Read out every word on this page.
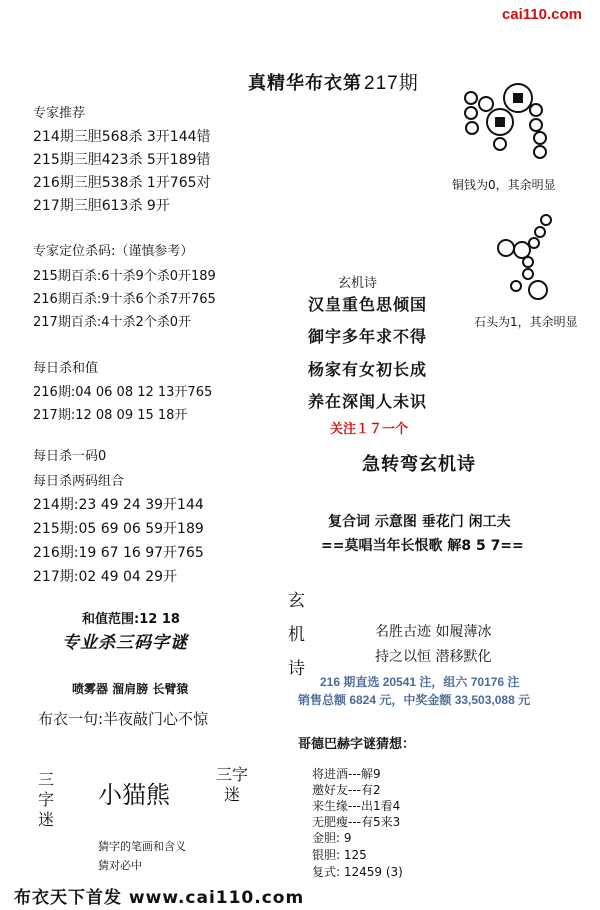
cai110.com
真精华布衣第 217期
专家推荐
214期三胆568杀 3开144错
215期三胆423杀 5开189错
216期三胆538杀 1开765对
217期三胆613杀 9开
专家定位杀码:（谨慎参考）
215期百杀:6十杀9个杀0开189
216期百杀:9十杀6个杀7开765
217期百杀:4十杀2个杀0开
每日杀和值
216期:04 06 08 12 13开765
217期:12 08 09 15 18开
每日杀一码0
每日杀两码组合
214期:23 49 24 39开144
215期:05 69 06 59开189
216期:19 67 16 97开765
217期:02 49 04 29开
和值范围:12 18
专业杀三码字谜
喷雾器 溜肩膀 长臂猿
布衣一句:半夜敲门心不惊
三字迷
小猫熊
三字迷
猜字的笔画和含义
猜对必中
铜钱为0，其余明显
石头为1，其余明显
玄机诗
汉皇重色思倾国
御宇多年求不得
杨家有女初长成
养在深闺人未识
关注１７一个
急转弯玄机诗
复合词 示意图 垂花门 闲工夫
==莫唱当年长恨歌 解8 5 7==
玄
机
诗
名胜古迹 如履薄冰
持之以恒 潜移默化
216 期直选 20541 注，组六 70176 注
销售总额 6824 元，中奖金额 33,503,088 元
哥德巴赫字谜猜想：
将进酒---解9
邀好友---有2
来生缘---出1看4
无肥瘦---有5来3
金胆: 9
银胆: 125
复式: 12459 (3)
布衣天下首发 www.cai110.com
